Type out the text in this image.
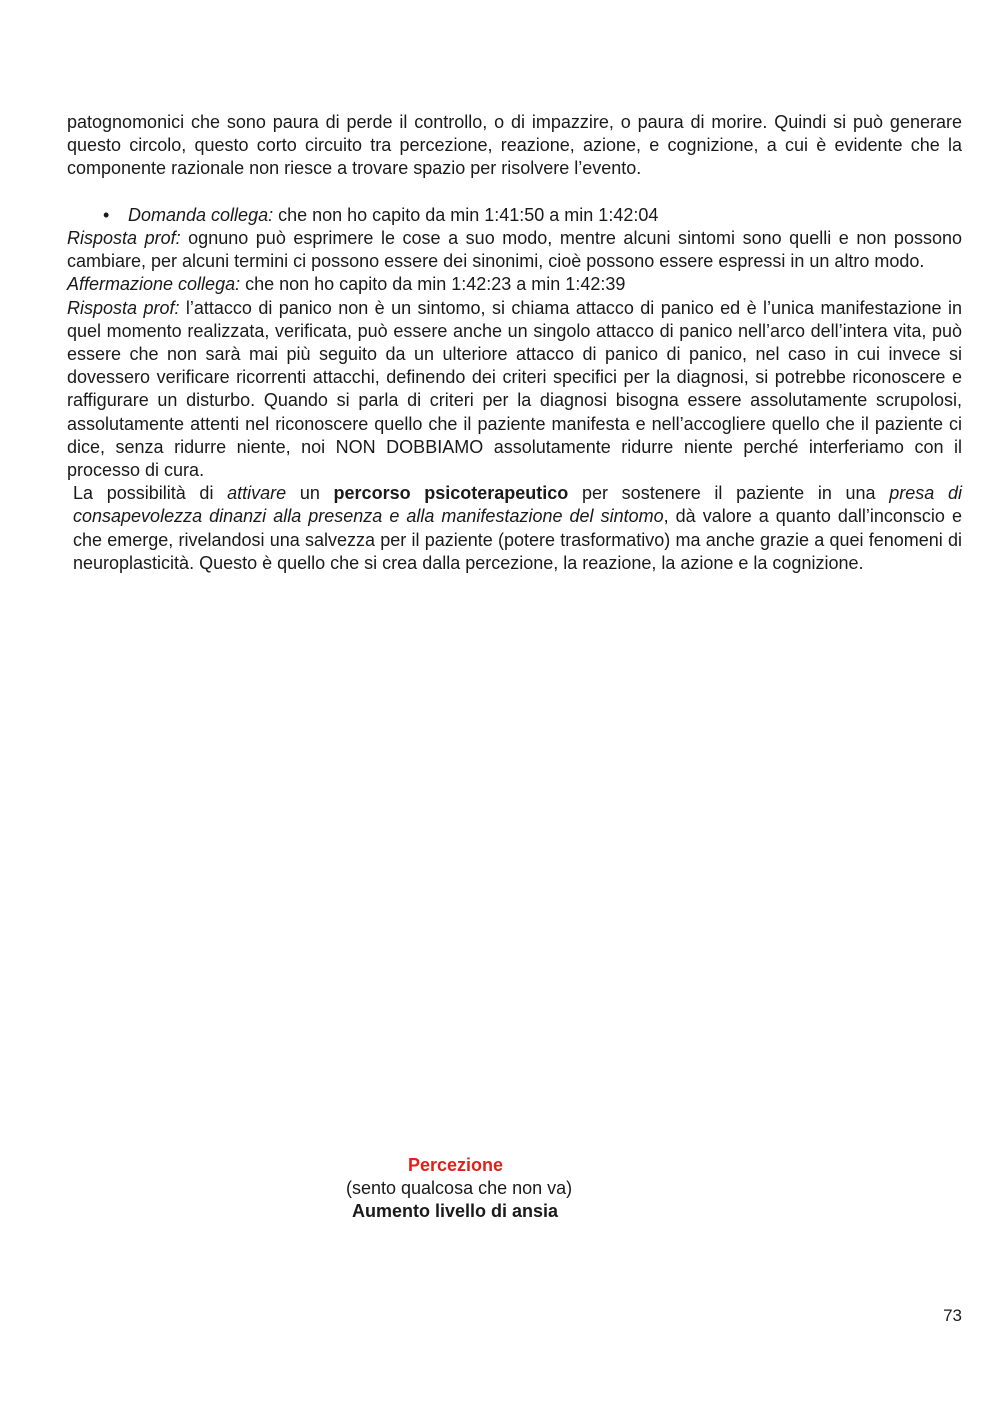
patognomonici che sono paura di perde il controllo, o di impazzire, o paura di morire. Quindi si può generare questo circolo, questo corto circuito tra percezione, reazione, azione, e cognizione, a cui è evidente che la componente razionale non riesce a trovare spazio per risolvere l’evento.

• Domanda collega: che non ho capito da min 1:41:50 a min 1:42:04

Risposta prof: ognuno può esprimere le cose a suo modo, mentre alcuni sintomi sono quelli e non possono cambiare, per alcuni termini ci possono essere dei sinonimi, cioè possono essere espressi in un altro modo.

Affermazione collega: che non ho capito da min 1:42:23 a min 1:42:39

Risposta prof: l’attacco di panico non è un sintomo, si chiama attacco di panico ed è l’unica manifestazione in quel momento realizzata, verificata, può essere anche un singolo attacco di panico nell’arco dell’intera vita, può essere che non sarà mai più seguito da un ulteriore attacco di panico di panico, nel caso in cui invece si dovessero verificare ricorrenti attacchi, definendo dei criteri specifici per la diagnosi, si potrebbe riconoscere e raffigurare un disturbo. Quando si parla di criteri per la diagnosi bisogna essere assolutamente scrupolosi, assolutamente attenti nel riconoscere quello che il paziente manifesta e nell’accogliere quello che il paziente ci dice, senza ridurre niente, noi NON DOBBIAMO assolutamente ridurre niente perché interferiamo con il processo di cura.

La possibilità di attivare un percorso psicoterapeutico per sostenere il paziente in una presa di consapevolezza dinanzi alla presenza e alla manifestazione del sintomo, dà valore a quanto dall’inconscio e che emerge, rivelandosi una salvezza per il paziente (potere trasformativo) ma anche grazie a quei fenomeni di neuroplasticità. Questo è quello che si crea dalla percezione, la reazione, la azione e la cognizione.

Percezione
(sento qualcosa che non va)
Aumento livello di ansia
73
